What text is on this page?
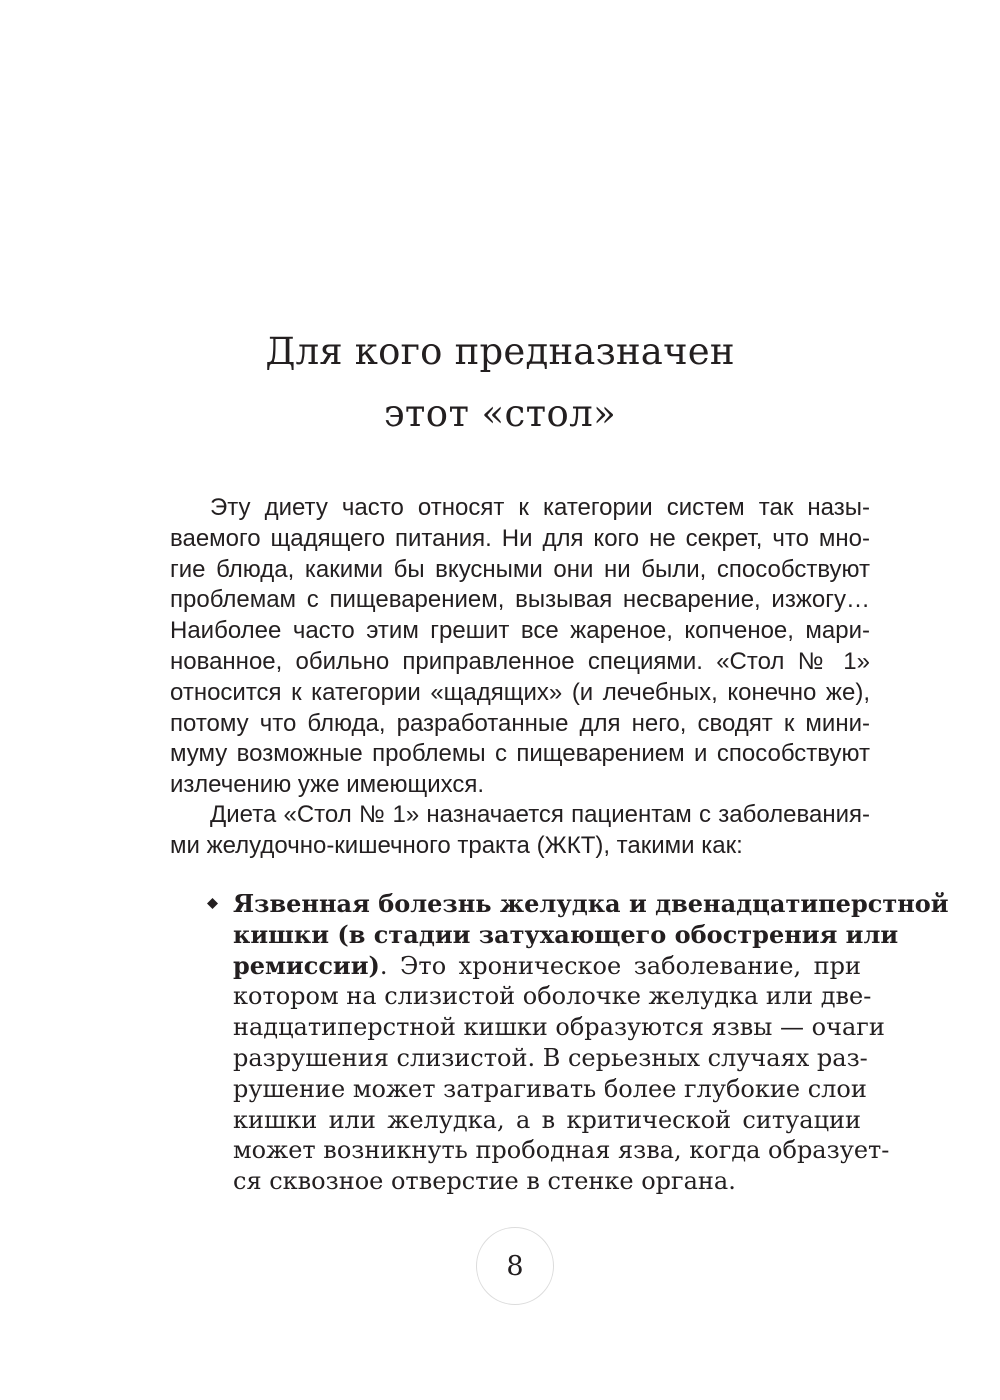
Для кого предназначен
этот «стол»
Эту диету часто относят к категории систем так назы-
ваемого щадящего питания. Ни для кого не секрет, что мно-
гие блюда, какими бы вкусными они ни были, способствуют
проблемам с пищеварением, вызывая несварение, изжогу…
Наиболее часто этим грешит все жареное, копченое, мари-
нованное, обильно приправленное специями. «Стол № 1»
относится к категории «щадящих» (и лечебных, конечно же),
потому что блюда, разработанные для него, сводят к мини-
муму возможные проблемы с пищеварением и способствуют
излечению уже имеющихся.
Диета «Стол № 1» назначается пациентам с заболевания-
ми желудочно-кишечного тракта (ЖКТ), такими как:
Язвенная болезнь желудка и двенадцатиперстной
кишки (в стадии затухающего обострения или
ремиссии). Это хроническое заболевание, при
котором на слизистой оболочке желудка или две-
надцатиперстной кишки образуются язвы — очаги
разрушения слизистой. В серьезных случаях раз-
рушение может затрагивать более глубокие слои
кишки или желудка, а в критической ситуации
может возникнуть прободная язва, когда образует-
ся сквозное отверстие в стенке органа.
8
